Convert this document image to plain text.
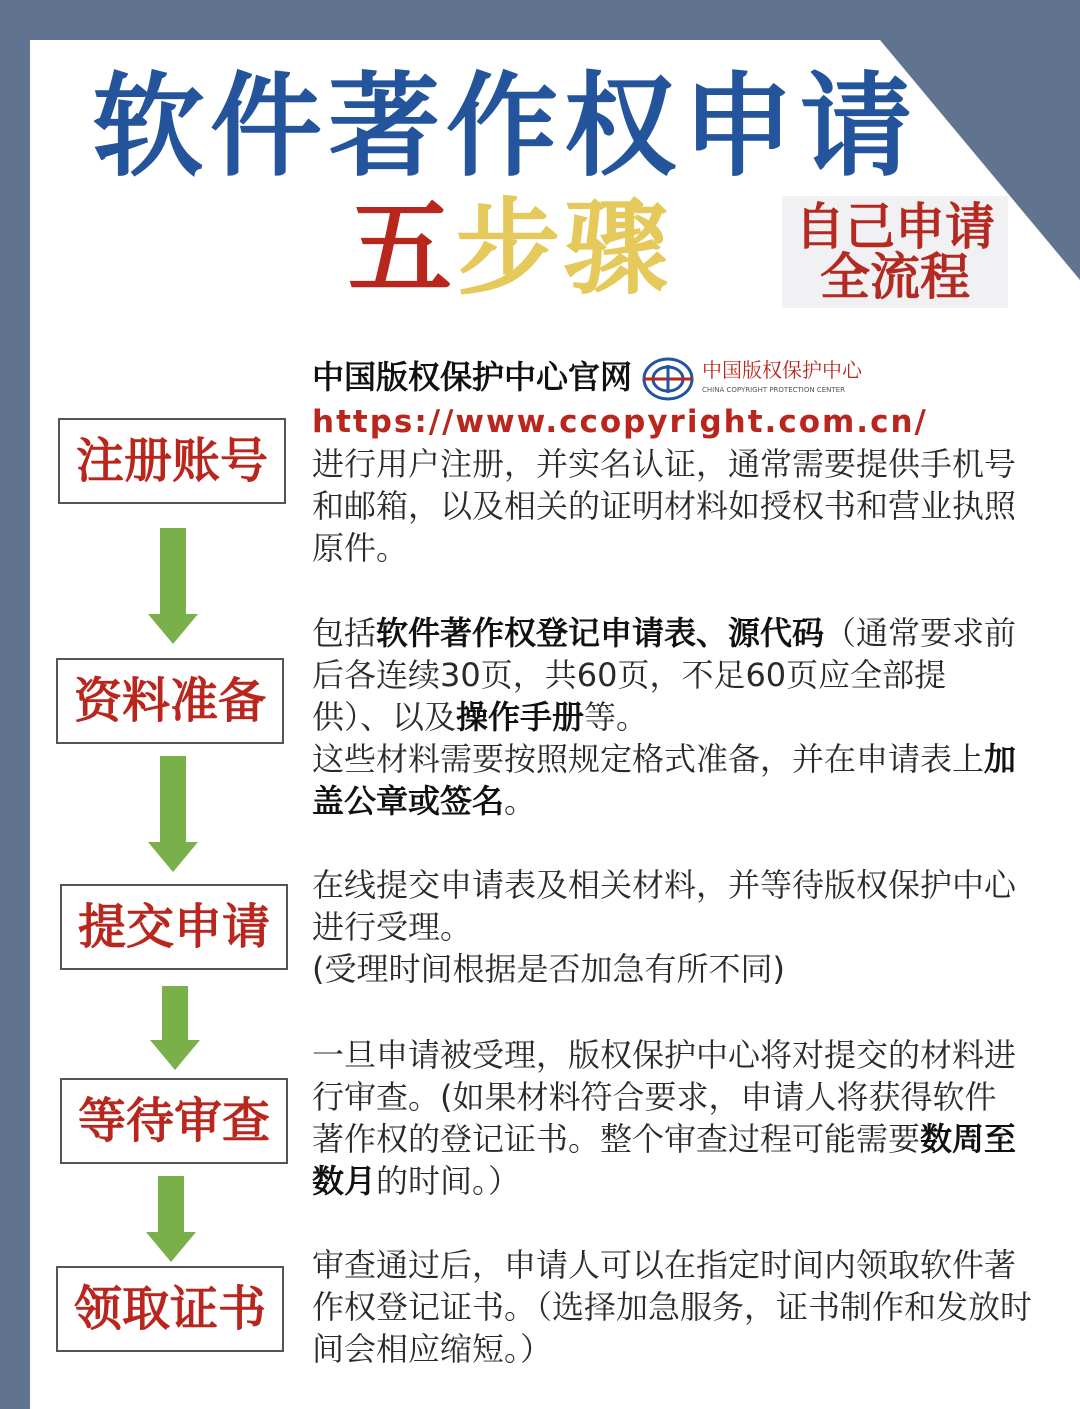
软件著作权申请
五步骤 自己申请
全流程
注册账号
资料准备
提交申请
等待审查
领取证书
中国版权保护中心官网	中国版权保护中心
CHINA COPYRIGHT PROTECTION CENTER
https://www.ccopyright.com.cn/

进行用户注册，并实名认证，通常需要提供手机号和邮箱，以及相关的证明材料如授权书和营业执照原件。

包括软件著作权登记申请表、源代码（通常要求前后各连续30页，共60页，不足60页应全部提供）、以及操作手册等。

这些材料需要按照规定格式准备，并在申请表上加盖公章或签名。

在线提交申请表及相关材料，并等待版权保护中心进行受理。

(受理时间根据是否加急有所不同)

一旦申请被受理，版权保护中心将对提交的材料进行审查。(如果材料符合要求，申请人将获得软件著作权的登记证书。整个审查过程可能需要数周至数月的时间。）

审查通过后，申请人可以在指定时间内领取软件著作权登记证书。（选择加急服务，证书制作和发放时间会相应缩短。）
